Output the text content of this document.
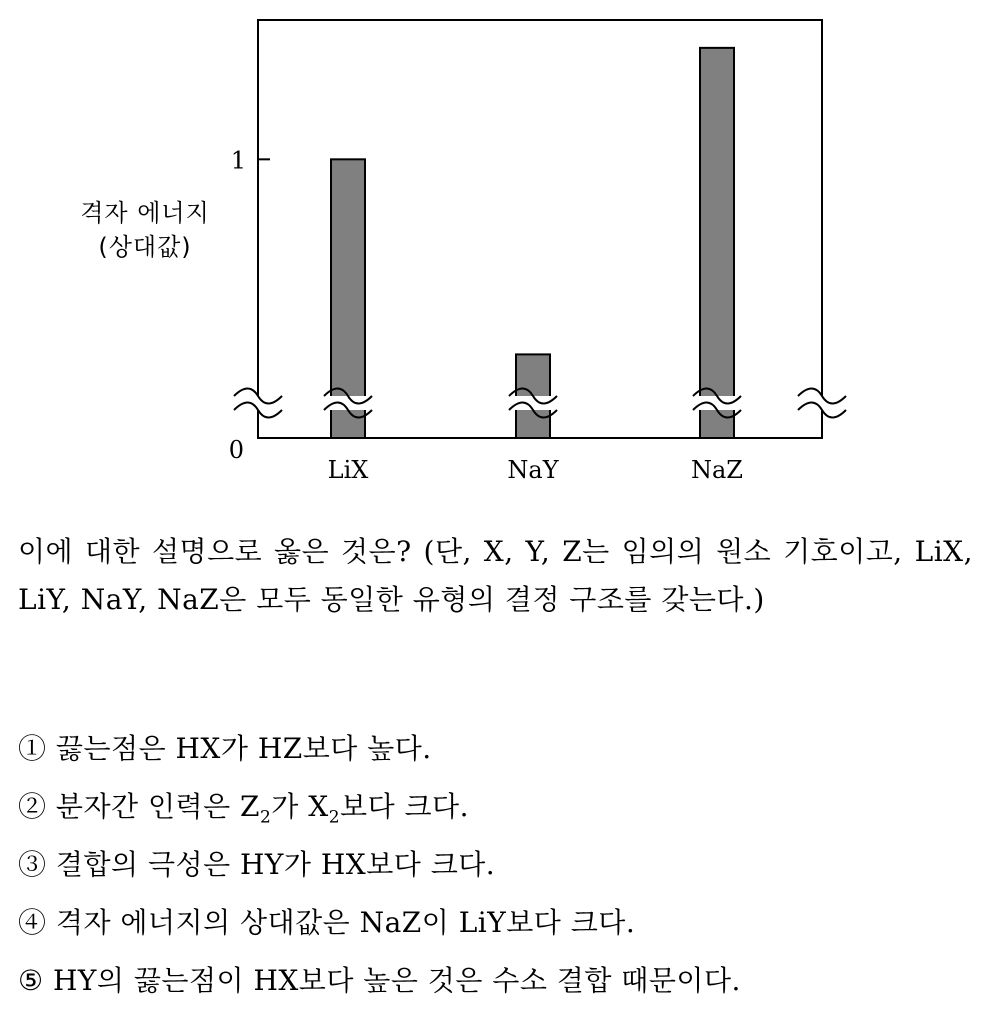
1
0
LiX	NaY	NaZ
격자 에너지
(상대값)
이에 대한 설명으로 옳은 것은? (단, X, Y, Z는 임의의 원소 기호이고, LiX, LiY, NaY, NaZ은 모두 동일한 유형의 결정 구조를 갖는다.)
① 끓는점은 HX가 HZ보다 높다.
② 분자간 인력은 $Z_2$가 $X_2$보다 크다.
③ 결합의 극성은 HY가 HX보다 크다.
④ 격자 에너지의 상대값은 NaZ이 LiY보다 크다.
⑤ HY의 끓는점이 HX보다 높은 것은 수소 결합 때문이다.
